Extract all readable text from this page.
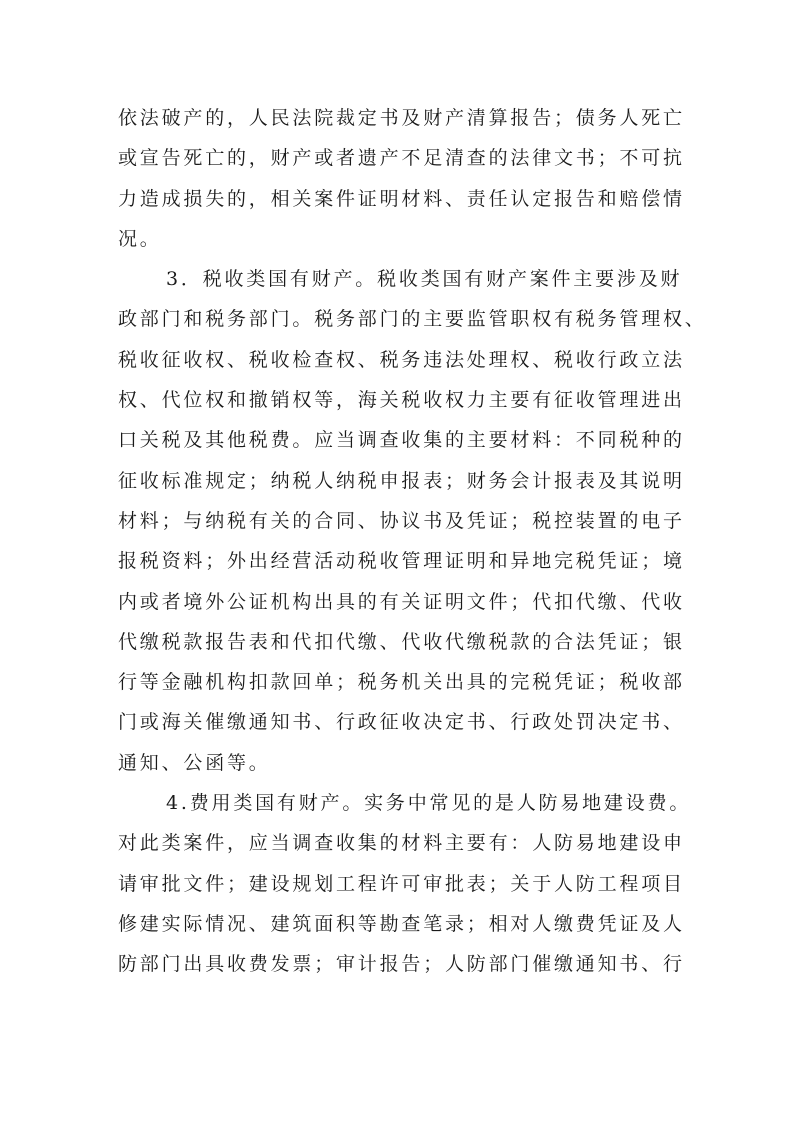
依法破产的，人民法院裁定书及财产清算报告；债务人死亡
或宣告死亡的，财产或者遗产不足清查的法律文书；不可抗
力造成损失的，相关案件证明材料、责任认定报告和赔偿情
况。
3．税收类国有财产。税收类国有财产案件主要涉及财
政部门和税务部门。税务部门的主要监管职权有税务管理权、
税收征收权、税收检查权、税务违法处理权、税收行政立法
权、代位权和撤销权等，海关税收权力主要有征收管理进出
口关税及其他税费。应当调查收集的主要材料：不同税种的
征收标准规定；纳税人纳税申报表；财务会计报表及其说明
材料；与纳税有关的合同、协议书及凭证；税控装置的电子
报税资料；外出经营活动税收管理证明和异地完税凭证；境
内或者境外公证机构出具的有关证明文件；代扣代缴、代收
代缴税款报告表和代扣代缴、代收代缴税款的合法凭证；银
行等金融机构扣款回单；税务机关出具的完税凭证；税收部
门或海关催缴通知书、行政征收决定书、行政处罚决定书、
通知、公函等。
4.费用类国有财产。实务中常见的是人防易地建设费。
对此类案件，应当调查收集的材料主要有：人防易地建设申
请审批文件；建设规划工程许可审批表；关于人防工程项目
修建实际情况、建筑面积等勘查笔录；相对人缴费凭证及人
防部门出具收费发票；审计报告；人防部门催缴通知书、行
